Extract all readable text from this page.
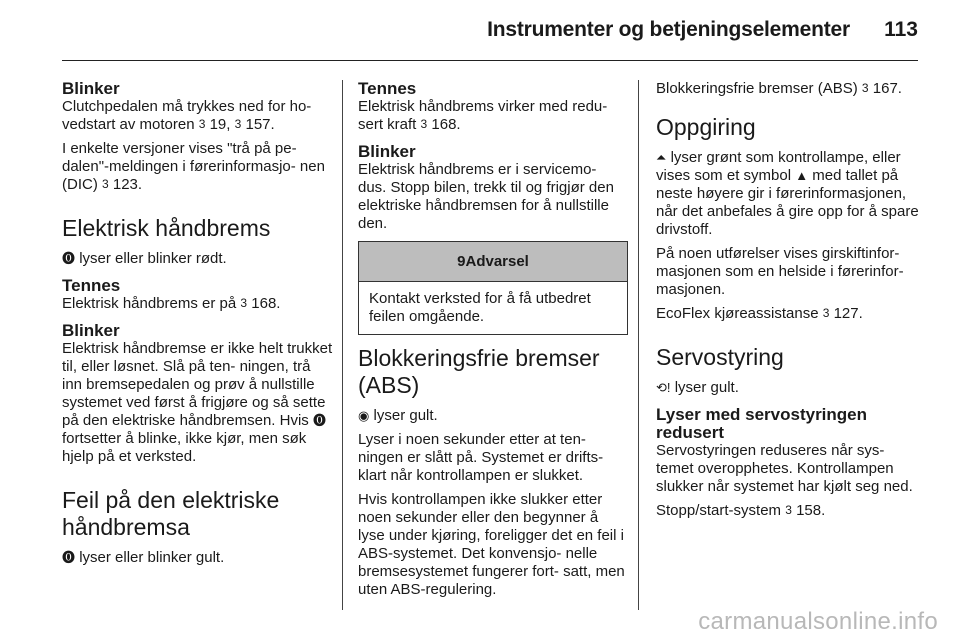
Instrumenter og betjeningselementer 113
Blinker
Clutchpedalen må trykkes ned for ho- vedstart av motoren 3 19, 3 157.
I enkelte versjoner vises "trå på pe- dalen"-meldingen i førerinformasjo- nen (DIC) 3 123.
Elektrisk håndbrems
⓿ lyser eller blinker rødt.
Tennes
Elektrisk håndbrems er på 3 168.
Blinker
Elektrisk håndbremse er ikke helt trukket til, eller løsnet. Slå på ten- ningen, trå inn bremsepedalen og prøv å nullstille systemet ved først å frigjøre og så sette på den elektriske håndbremsen. Hvis ⓿ fortsetter å blinke, ikke kjør, men søk hjelp på et verksted.
Feil på den elektriske håndbremsa
⓿ lyser eller blinker gult.
Tennes
Elektrisk håndbrems virker med redu- sert kraft 3 168.
Blinker
Elektrisk håndbrems er i servicemo- dus. Stopp bilen, trekk til og frigjør den elektriske håndbremsen for å nullstille den.
9 Advarsel
Kontakt verksted for å få utbedret feilen omgående.
Blokkeringsfrie bremser (ABS)
◉ lyser gult.
Lyser i noen sekunder etter at ten- ningen er slått på. Systemet er drifts- klart når kontrollampen er slukket.
Hvis kontrollampen ikke slukker etter noen sekunder eller den begynner å lyse under kjøring, foreligger det en feil i ABS-systemet. Det konvensjo- nelle bremsesystemet fungerer fort- satt, men uten ABS-regulering.
Blokkeringsfrie bremser (ABS) 3 167.
Oppgiring
⏶ lyser grønt som kontrollampe, eller vises som et symbol ▲ med tallet på neste høyere gir i førerinformasjonen, når det anbefales å gire opp for å spare drivstoff.
På noen utførelser vises girskiftinfor- masjonen som en helside i førerinfor- masjonen.
EcoFlex kjøreassistanse 3 127.
Servostyring
⟲! lyser gult.
Lyser med servostyringen redusert
Servostyringen reduseres når sys- temet overopphetes. Kontrollampen slukker når systemet har kjølt seg ned.
Stopp/start-system 3 158.
carmanualsonline.info
